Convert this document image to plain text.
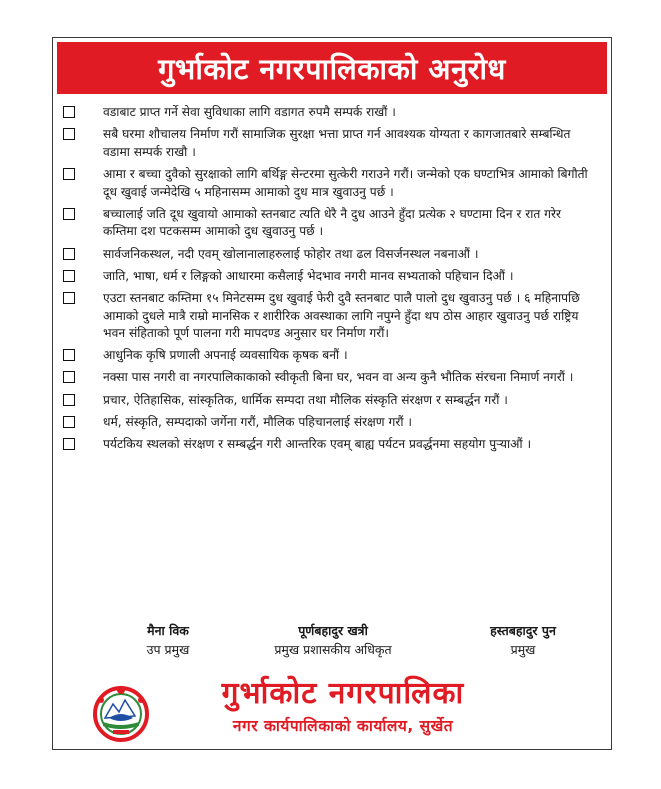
गुर्भाकोट नगरपालिकाको अनुरोध
वडाबाट प्राप्त गर्ने सेवा सुविधाका लागि वडागत रुपमै सम्पर्क राखौं ।
सबै घरमा शौचालय निर्माण गरौं सामाजिक सुरक्षा भत्ता प्राप्त गर्न आवश्यक योग्यता र कागजातबारे सम्बन्धित वडामा सम्पर्क राखौ ।
आमा र बच्चा दुवैको सुरक्षाको लागि बर्थिङ्ग सेन्टरमा सुत्केरी गराउने गरौं। जन्मेको एक घण्टाभित्र आमाको बिगौती दूध खुवाई जन्मेदेखि ५ महिनासम्म आमाको दुध मात्र खुवाउनु पर्छ ।
बच्चालाई जति दूध खुवायो आमाको स्तनबाट त्यति धेरै नै दुध आउने हुँदा प्रत्येक २ घण्टामा दिन र रात गरेर कम्तिमा दश पटकसम्म आमाको दुध खुवाउनु पर्छ ।
सार्वजनिकस्थल, नदी एवम् खोलानालाहरुलाई फोहोर तथा ढल विसर्जनस्थल नबनाऔं ।
जाति, भाषा, धर्म र लिङ्गको आधारमा कसैलाई भेदभाव नगरी मानव सभ्यताको पहिचान दिऔं ।
एउटा स्तनबाट कम्तिमा १५ मिनेटसम्म दुध खुवाई फेरी दुवै स्तनबाट पालै पालो दुध खुवाउनु पर्छ । ६ महिनापछि आमाको दुधले मात्रै राम्रो मानसिक र शारीरिक अवस्थाका लागि नपुग्ने हुँदा थप ठोस आहार खुवाउनु पर्छ राष्ट्रिय भवन संहिताको पूर्ण पालना गरी मापदण्ड अनुसार घर निर्माण गरौं।
आधुनिक कृषि प्रणाली अपनाई व्यवसायिक कृषक बनौं ।
नक्सा पास नगरी वा नगरपालिकाकाको स्वीकृती बिना घर, भवन वा अन्य कुनै भौतिक संरचना निमार्ण नगरौं ।
प्रचार, ऐतिहासिक, सांस्कृतिक, धार्मिक सम्पदा तथा मौलिक संस्कृति संरक्षण र सम्बर्द्धन गरौं ।
धर्म, संस्कृति, सम्पदाको जर्गेना गरौं, मौलिक पहिचानलाई संरक्षण गरौं ।
पर्यटकिय स्थलको संरक्षण र सम्बर्द्धन गरी आन्तरिक एवम् बाह्य पर्यटन प्रवर्द्धनमा सहयोग पुऱ्याऔं ।
मैना विक
उप प्रमुख
पूर्णबहादुर खत्री
प्रमुख प्रशासकीय अधिकृत
हस्तबहादुर पुन
प्रमुख
गुर्भाकोट नगरपालिका
नगर कार्यपालिकाको कार्यालय, सुर्खेत
